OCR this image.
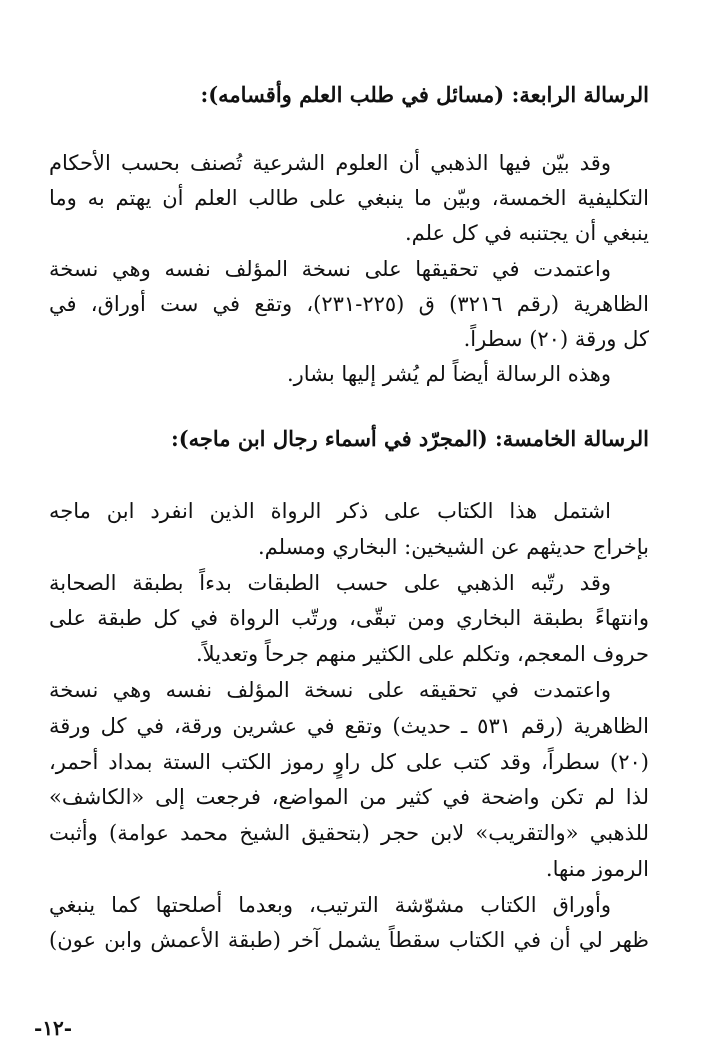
الرسالة الرابعة: (مسائل في طلب العلم وأقسامه):
وقد بيّن فيها الذهبي أن العلوم الشرعية تُصنف بحسب الأحكام
التكليفية الخمسة، وبيّن ما ينبغي على طالب العلم أن يهتم به وما
ينبغي أن يجتنبه في كل علم.
واعتمدت في تحقيقها على نسخة المؤلف نفسه وهي نسخة
الظاهرية (رقم ٣٢١٦) ق (٢٢٥-٢٣١)، وتقع في ست أوراق، في
كل ورقة (٢٠) سطراً.
وهذه الرسالة أيضاً لم يُشر إليها بشار.
الرسالة الخامسة: (المجرّد في أسماء رجال ابن ماجه):
اشتمل هذا الكتاب على ذكر الرواة الذين انفرد ابن ماجه
بإخراج حديثهم عن الشيخين: البخاري ومسلم.
وقد رتّبه الذهبي على حسب الطبقات بدءاً بطبقة الصحابة
وانتهاءً بطبقة البخاري ومن تبقّى، ورتّب الرواة في كل طبقة على
حروف المعجم، وتكلم على الكثير منهم جرحاً وتعديلاً.
واعتمدت في تحقيقه على نسخة المؤلف نفسه وهي نسخة
الظاهرية (رقم ٥٣١ ـ حديث) وتقع في عشرين ورقة، في كل ورقة
(٢٠) سطراً، وقد كتب على كل راوٍ رموز الكتب الستة بمداد أحمر،
لذا لم تكن واضحة في كثير من المواضع، فرجعت إلى «الكاشف»
للذهبي «والتقريب» لابن حجر (بتحقيق الشيخ محمد عوامة) وأثبت
الرموز منها.
وأوراق الكتاب مشوّشة الترتيب، وبعدما أصلحتها كما ينبغي
ظهر لي أن في الكتاب سقطاً يشمل آخر (طبقة الأعمش وابن عون)
-١٢-
